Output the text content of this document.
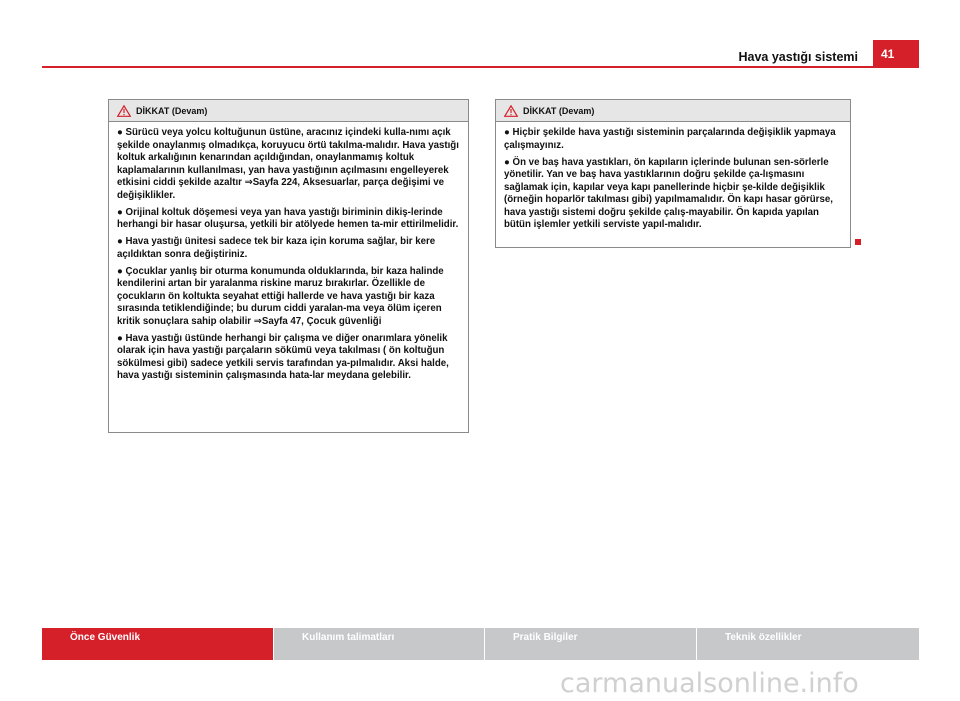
Hava yastığı sistemi	41
DİKKAT (Devam)

● Sürücü veya yolcu koltuğunun üstüne, aracınız içindeki kulla-nımı açık şekilde onaylanmış olmadıkça, koruyucu örtü takılma-malıdır. Hava yastığı koltuk arkalığının kenarından açıldığından, onaylanmamış koltuk kaplamalarının kullanılması, yan hava yastığının açılmasını engelleyerek etkisini ciddi şekilde azaltır ⇒Sayfa 224, Aksesuarlar, parça değişimi ve değişiklikler.

● Orijinal koltuk döşemesi veya yan hava yastığı biriminin dikiş-lerinde herhangi bir hasar oluşursa, yetkili bir atölyede hemen ta-mir ettirilmelidir.

● Hava yastığı ünitesi sadece tek bir kaza için koruma sağlar, bir kere açıldıktan sonra değiştiriniz.

● Çocuklar yanlış bir oturma konumunda olduklarında, bir kaza halinde kendilerini artan bir yaralanma riskine maruz bırakırlar. Özellikle de çocukların ön koltukta seyahat ettiği hallerde ve hava yastığı bir kaza sırasında tetiklendiğinde; bu durum ciddi yaralan-ma veya ölüm içeren kritik sonuçlara sahip olabilir ⇒Sayfa 47, Çocuk güvenliği

● Hava yastığı üstünde herhangi bir çalışma ve diğer onarımlara yönelik olarak için hava yastığı parçaların sökümü veya takılması ( ön koltuğun sökülmesi gibi) sadece yetkili servis tarafından ya-pılmalıdır. Aksi halde, hava yastığı sisteminin çalışmasında hata-lar meydana gelebilir.

DİKKAT (Devam)

● Hiçbir şekilde hava yastığı sisteminin parçalarında değişiklik yapmaya çalışmayınız.

● Ön ve baş hava yastıkları, ön kapıların içlerinde bulunan sen-sörlerle yönetilir. Yan ve baş hava yastıklarının doğru şekilde ça-lışmasını sağlamak için, kapılar veya kapı panellerinde hiçbir şe-kilde değişiklik (örneğin hoparlör takılması gibi) yapılmamalıdır. Ön kapı hasar görürse, hava yastığı sistemi doğru şekilde çalış-mayabilir. Ön kapıda yapılan bütün işlemler yetkili serviste yapıl-malıdır.

Önce Güvenlik	Kullanım talimatları	Pratik Bilgiler	Teknik özellikler
carmanualsonline.info
